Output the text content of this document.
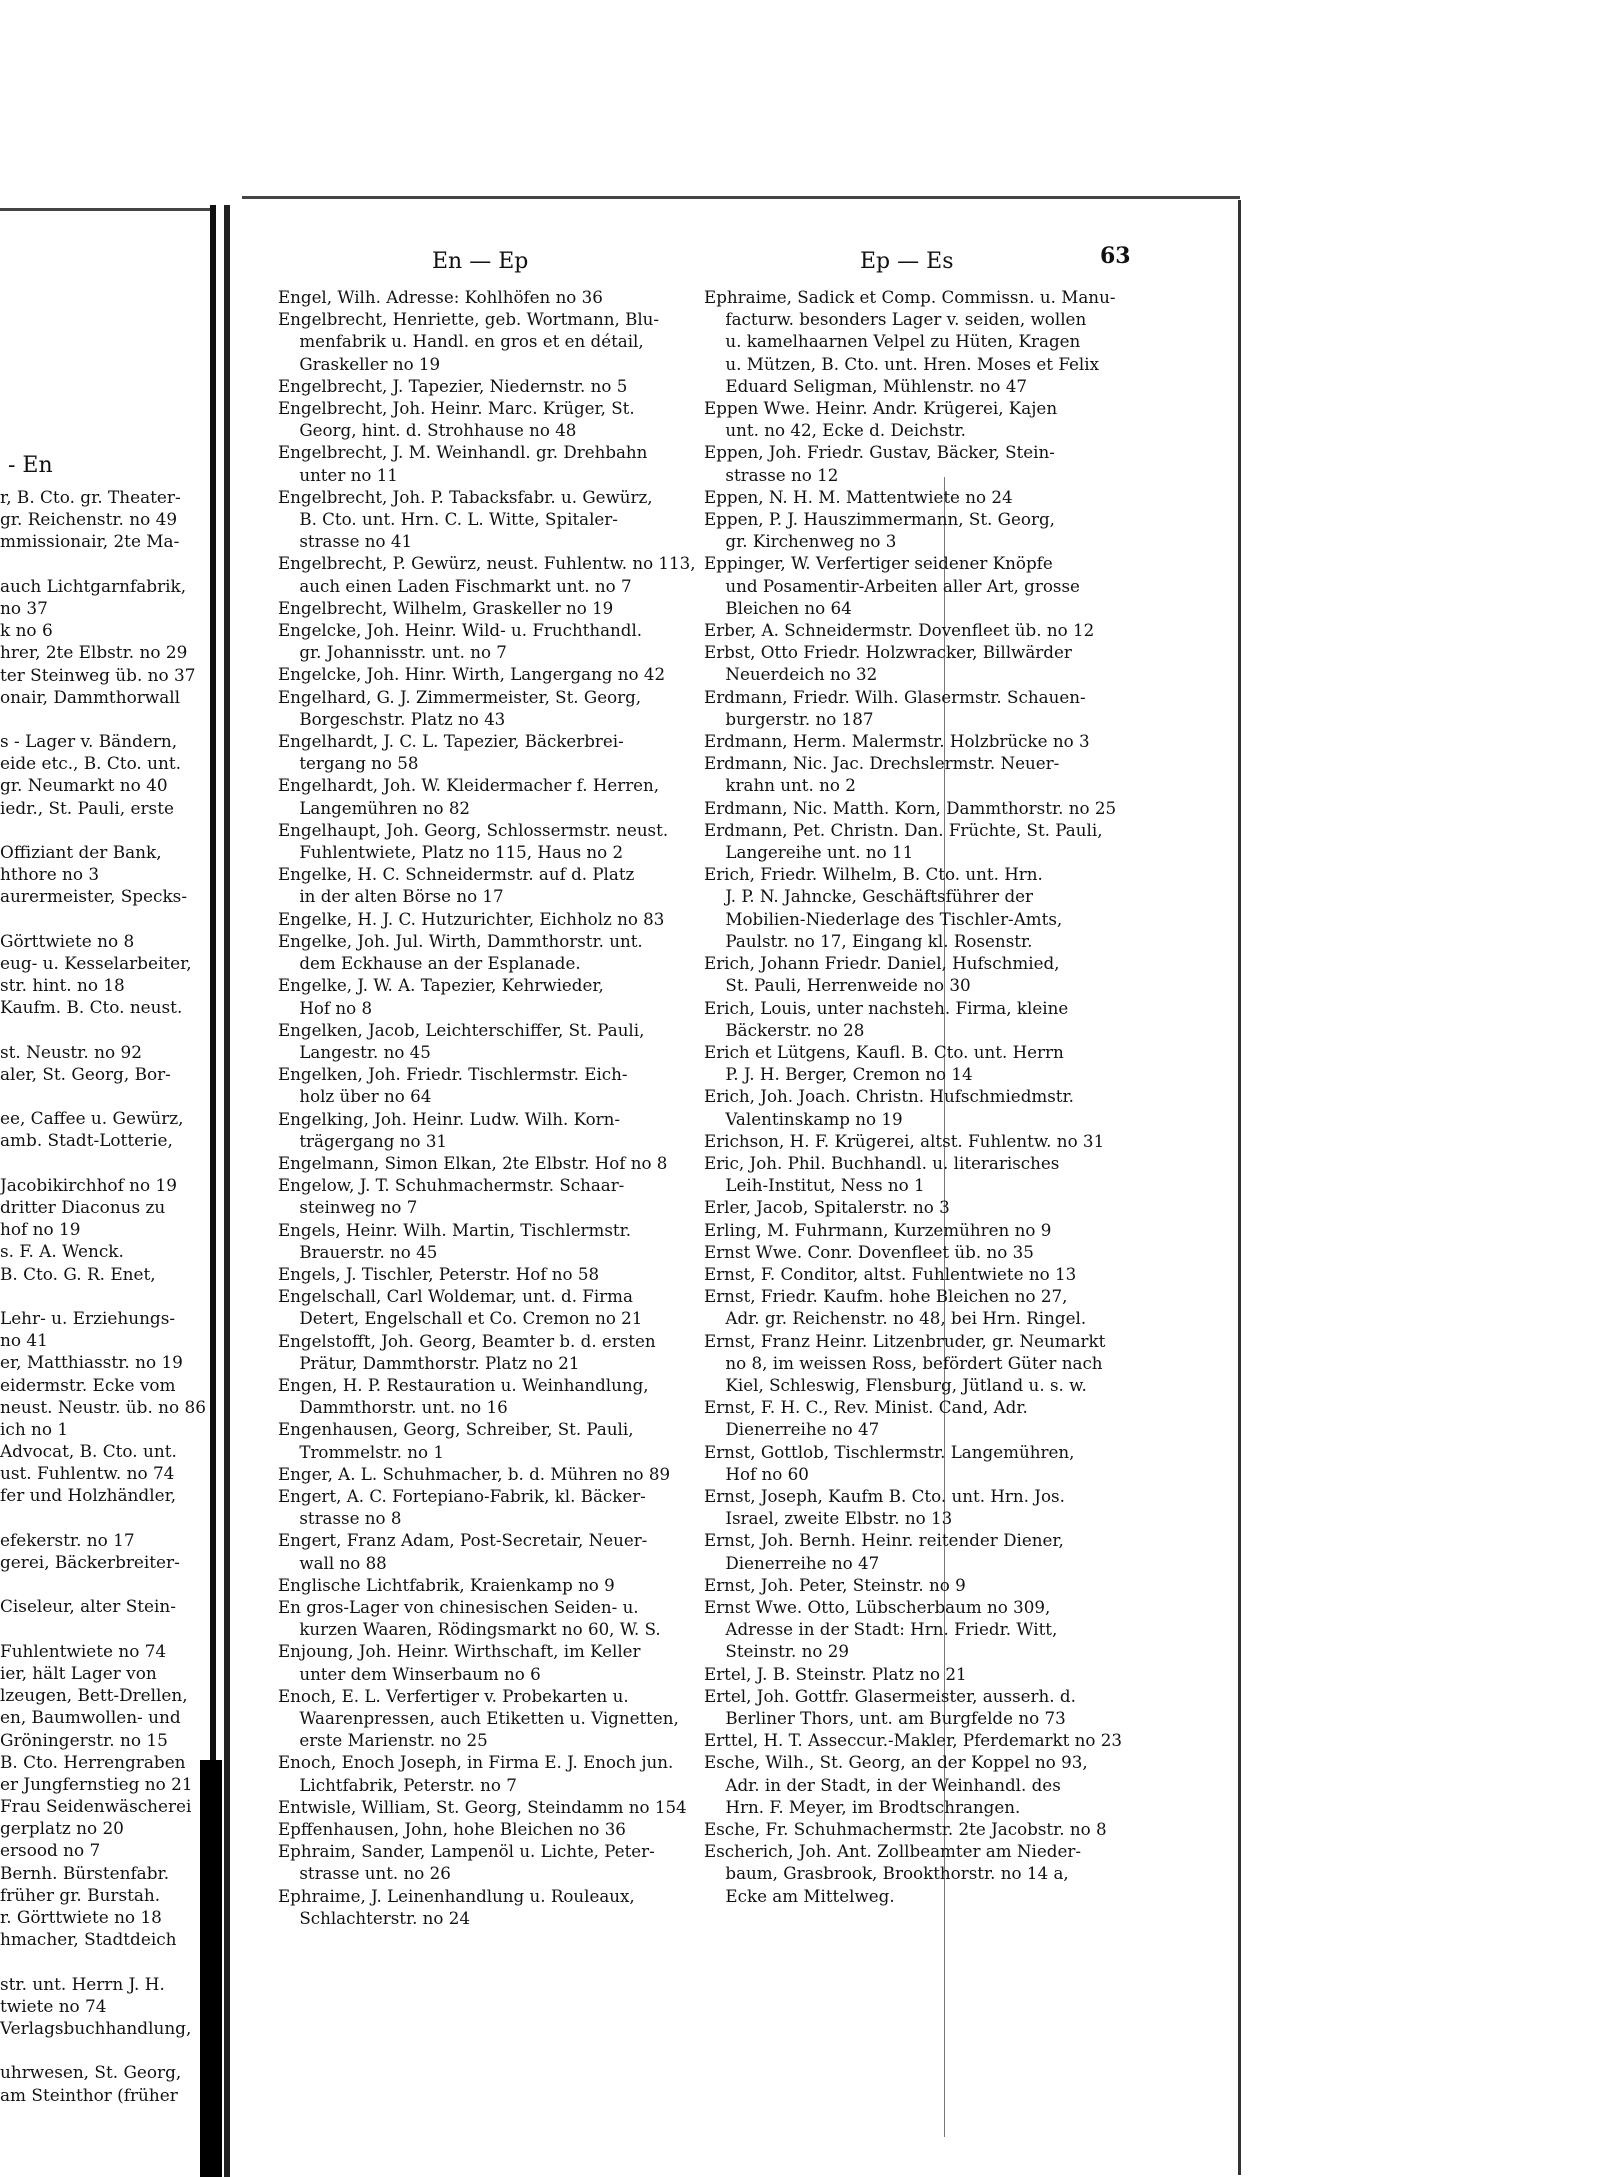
- En
r, B. Cto. gr. Theater-
gr. Reichenstr. no 49
mmissionair, 2te Ma-
auch Lichtgarnfabrik,
no 37
k no 6
hrer, 2te Elbstr. no 29
ter Steinweg üb. no 37
onair, Dammthorwall
s - Lager v. Bändern,
eide etc., B. Cto. unt.
gr. Neumarkt no 40
iedr., St. Pauli, erste
Offiziant der Bank,
hthore no 3
aurermeister, Specks-
Görttwiete no 8
eug- u. Kesselarbeiter,
str. hint. no 18
Kaufm. B. Cto. neust.
st. Neustr. no 92
aler, St. Georg, Bor-
ee, Caffee u. Gewürz,
amb. Stadt-Lotterie,
Jacobikirchhof no 19
dritter Diaconus zu
hof no 19
s. F. A. Wenck.
B. Cto. G. R. Enet,
Lehr- u. Erziehungs-
no 41
er, Matthiasstr. no 19
eidermstr. Ecke vom
neust. Neustr. üb. no 86
ich no 1
Advocat, B. Cto. unt.
ust. Fuhlentw. no 74
fer und Holzhändler,
efekerstr. no 17
gerei, Bäckerbreiter-
Ciseleur, alter Stein-
Fuhlentwiete no 74
ier, hält Lager von
lzeugen, Bett-Drellen,
en, Baumwollen- und
Gröningerstr. no 15
B. Cto. Herrengraben
er Jungfernstieg no 21
Frau Seidenwäscherei
gerplatz no 20
ersood no 7
Bernh. Bürstenfabr.
früher gr. Burstah.
r. Görttwiete no 18
hmacher, Stadtdeich
str. unt. Herrn J. H.
twiete no 74
Verlagsbuchhandlung,
uhrwesen, St. Georg,
am Steinthor (früher
En — Ep	Ep — Es	63
Engel, Wilh. Adresse: Kohlhöfen no 36
Engelbrecht, Henriette, geb. Wortmann, Blu-
menfabrik u. Handl. en gros et en détail,
Graskeller no 19
Engelbrecht, J. Tapezier, Niedernstr. no 5
Engelbrecht, Joh. Heinr. Marc. Krüger, St.
Georg, hint. d. Strohhause no 48
Engelbrecht, J. M. Weinhandl. gr. Drehbahn
unter no 11
Engelbrecht, Joh. P. Tabacksfabr. u. Gewürz,
B. Cto. unt. Hrn. C. L. Witte, Spitaler-
strasse no 41
Engelbrecht, P. Gewürz, neust. Fuhlentw. no 113,
auch einen Laden Fischmarkt unt. no 7
Engelbrecht, Wilhelm, Graskeller no 19
Engelcke, Joh. Heinr. Wild- u. Fruchthandl.
gr. Johannisstr. unt. no 7
Engelcke, Joh. Hinr. Wirth, Langergang no 42
Engelhard, G. J. Zimmermeister, St. Georg,
Borgeschstr. Platz no 43
Engelhardt, J. C. L. Tapezier, Bäckerbrei-
tergang no 58
Engelhardt, Joh. W. Kleidermacher f. Herren,
Langemühren no 82
Engelhaupt, Joh. Georg, Schlossermstr. neust.
Fuhlentwiete, Platz no 115, Haus no 2
Engelke, H. C. Schneidermstr. auf d. Platz
in der alten Börse no 17
Engelke, H. J. C. Hutzurichter, Eichholz no 83
Engelke, Joh. Jul. Wirth, Dammthorstr. unt.
dem Eckhause an der Esplanade.
Engelke, J. W. A. Tapezier, Kehrwieder,
Hof no 8
Engelken, Jacob, Leichterschiffer, St. Pauli,
Langestr. no 45
Engelken, Joh. Friedr. Tischlermstr. Eich-
holz über no 64
Engelking, Joh. Heinr. Ludw. Wilh. Korn-
trägergang no 31
Engelmann, Simon Elkan, 2te Elbstr. Hof no 8
Engelow, J. T. Schuhmachermstr. Schaar-
steinweg no 7
Engels, Heinr. Wilh. Martin, Tischlermstr.
Brauerstr. no 45
Engels, J. Tischler, Peterstr. Hof no 58
Engelschall, Carl Woldemar, unt. d. Firma
Detert, Engelschall et Co. Cremon no 21
Engelstofft, Joh. Georg, Beamter b. d. ersten
Prätur, Dammthorstr. Platz no 21
Engen, H. P. Restauration u. Weinhandlung,
Dammthorstr. unt. no 16
Engenhausen, Georg, Schreiber, St. Pauli,
Trommelstr. no 1
Enger, A. L. Schuhmacher, b. d. Mühren no 89
Engert, A. C. Fortepiano-Fabrik, kl. Bäcker-
strasse no 8
Engert, Franz Adam, Post-Secretair, Neuer-
wall no 88
Englische Lichtfabrik, Kraienkamp no 9
En gros-Lager von chinesischen Seiden- u.
kurzen Waaren, Rödingsmarkt no 60, W. S.
Enjoung, Joh. Heinr. Wirthschaft, im Keller
unter dem Winserbaum no 6
Enoch, E. L. Verfertiger v. Probekarten u.
Waarenpressen, auch Etiketten u. Vignetten,
erste Marienstr. no 25
Enoch, Enoch Joseph, in Firma E. J. Enoch jun.
Lichtfabrik, Peterstr. no 7
Entwisle, William, St. Georg, Steindamm no 154
Epffenhausen, John, hohe Bleichen no 36
Ephraim, Sander, Lampenöl u. Lichte, Peter-
strasse unt. no 26
Ephraime, J. Leinenhandlung u. Rouleaux,
Schlachterstr. no 24
Ephraime, Sadick et Comp. Commissn. u. Manu-
facturw. besonders Lager v. seiden, wollen
u. kamelhaarnen Velpel zu Hüten, Kragen
u. Mützen, B. Cto. unt. Hren. Moses et Felix
Eduard Seligman, Mühlenstr. no 47
Eppen Wwe. Heinr. Andr. Krügerei, Kajen
unt. no 42, Ecke d. Deichstr.
Eppen, Joh. Friedr. Gustav, Bäcker, Stein-
strasse no 12
Eppen, N. H. M. Mattentwiete no 24
Eppen, P. J. Hauszimmermann, St. Georg,
gr. Kirchenweg no 3
Eppinger, W. Verfertiger seidener Knöpfe
und Posamentir-Arbeiten aller Art, grosse
Bleichen no 64
Erber, A. Schneidermstr. Dovenfleet üb. no 12
Erbst, Otto Friedr. Holzwracker, Billwärder
Neuerdeich no 32
Erdmann, Friedr. Wilh. Glasermstr. Schauen-
burgerstr. no 187
Erdmann, Herm. Malermstr. Holzbrücke no 3
Erdmann, Nic. Jac. Drechslermstr. Neuer-
krahn unt. no 2
Erdmann, Nic. Matth. Korn, Dammthorstr. no 25
Erdmann, Pet. Christn. Dan. Früchte, St. Pauli,
Langereihe unt. no 11
Erich, Friedr. Wilhelm, B. Cto. unt. Hrn.
J. P. N. Jahncke, Geschäftsführer der
Mobilien-Niederlage des Tischler-Amts,
Paulstr. no 17, Eingang kl. Rosenstr.
Erich, Johann Friedr. Daniel, Hufschmied,
St. Pauli, Herrenweide no 30
Erich, Louis, unter nachsteh. Firma, kleine
Bäckerstr. no 28
Erich et Lütgens, Kaufl. B. Cto. unt. Herrn
P. J. H. Berger, Cremon no 14
Erich, Joh. Joach. Christn. Hufschmiedmstr.
Valentinskamp no 19
Erichson, H. F. Krügerei, altst. Fuhlentw. no 31
Eric, Joh. Phil. Buchhandl. u. literarisches
Leih-Institut, Ness no 1
Erler, Jacob, Spitalerstr. no 3
Erling, M. Fuhrmann, Kurzemühren no 9
Ernst Wwe. Conr. Dovenfleet üb. no 35
Ernst, F. Conditor, altst. Fuhlentwiete no 13
Ernst, Friedr. Kaufm. hohe Bleichen no 27,
Adr. gr. Reichenstr. no 48, bei Hrn. Ringel.
Ernst, Franz Heinr. Litzenbruder, gr. Neumarkt
no 8, im weissen Ross, befördert Güter nach
Kiel, Schleswig, Flensburg, Jütland u. s. w.
Ernst, F. H. C., Rev. Minist. Cand, Adr.
Dienerreihe no 47
Ernst, Gottlob, Tischlermstr. Langemühren,
Hof no 60
Ernst, Joseph, Kaufm B. Cto. unt. Hrn. Jos.
Israel, zweite Elbstr. no 13
Ernst, Joh. Bernh. Heinr. reitender Diener,
Dienerreihe no 47
Ernst, Joh. Peter, Steinstr. no 9
Ernst Wwe. Otto, Lübscherbaum no 309,
Adresse in der Stadt: Hrn. Friedr. Witt,
Steinstr. no 29
Ertel, J. B. Steinstr. Platz no 21
Ertel, Joh. Gottfr. Glasermeister, ausserh. d.
Berliner Thors, unt. am Burgfelde no 73
Erttel, H. T. Asseccur.-Makler, Pferdemarkt no 23
Esche, Wilh., St. Georg, an der Koppel no 93,
Adr. in der Stadt, in der Weinhandl. des
Hrn. F. Meyer, im Brodtschrangen.
Esche, Fr. Schuhmachermstr. 2te Jacobstr. no 8
Escherich, Joh. Ant. Zollbeamter am Nieder-
baum, Grasbrook, Brookthorstr. no 14 a,
Ecke am Mittelweg.
